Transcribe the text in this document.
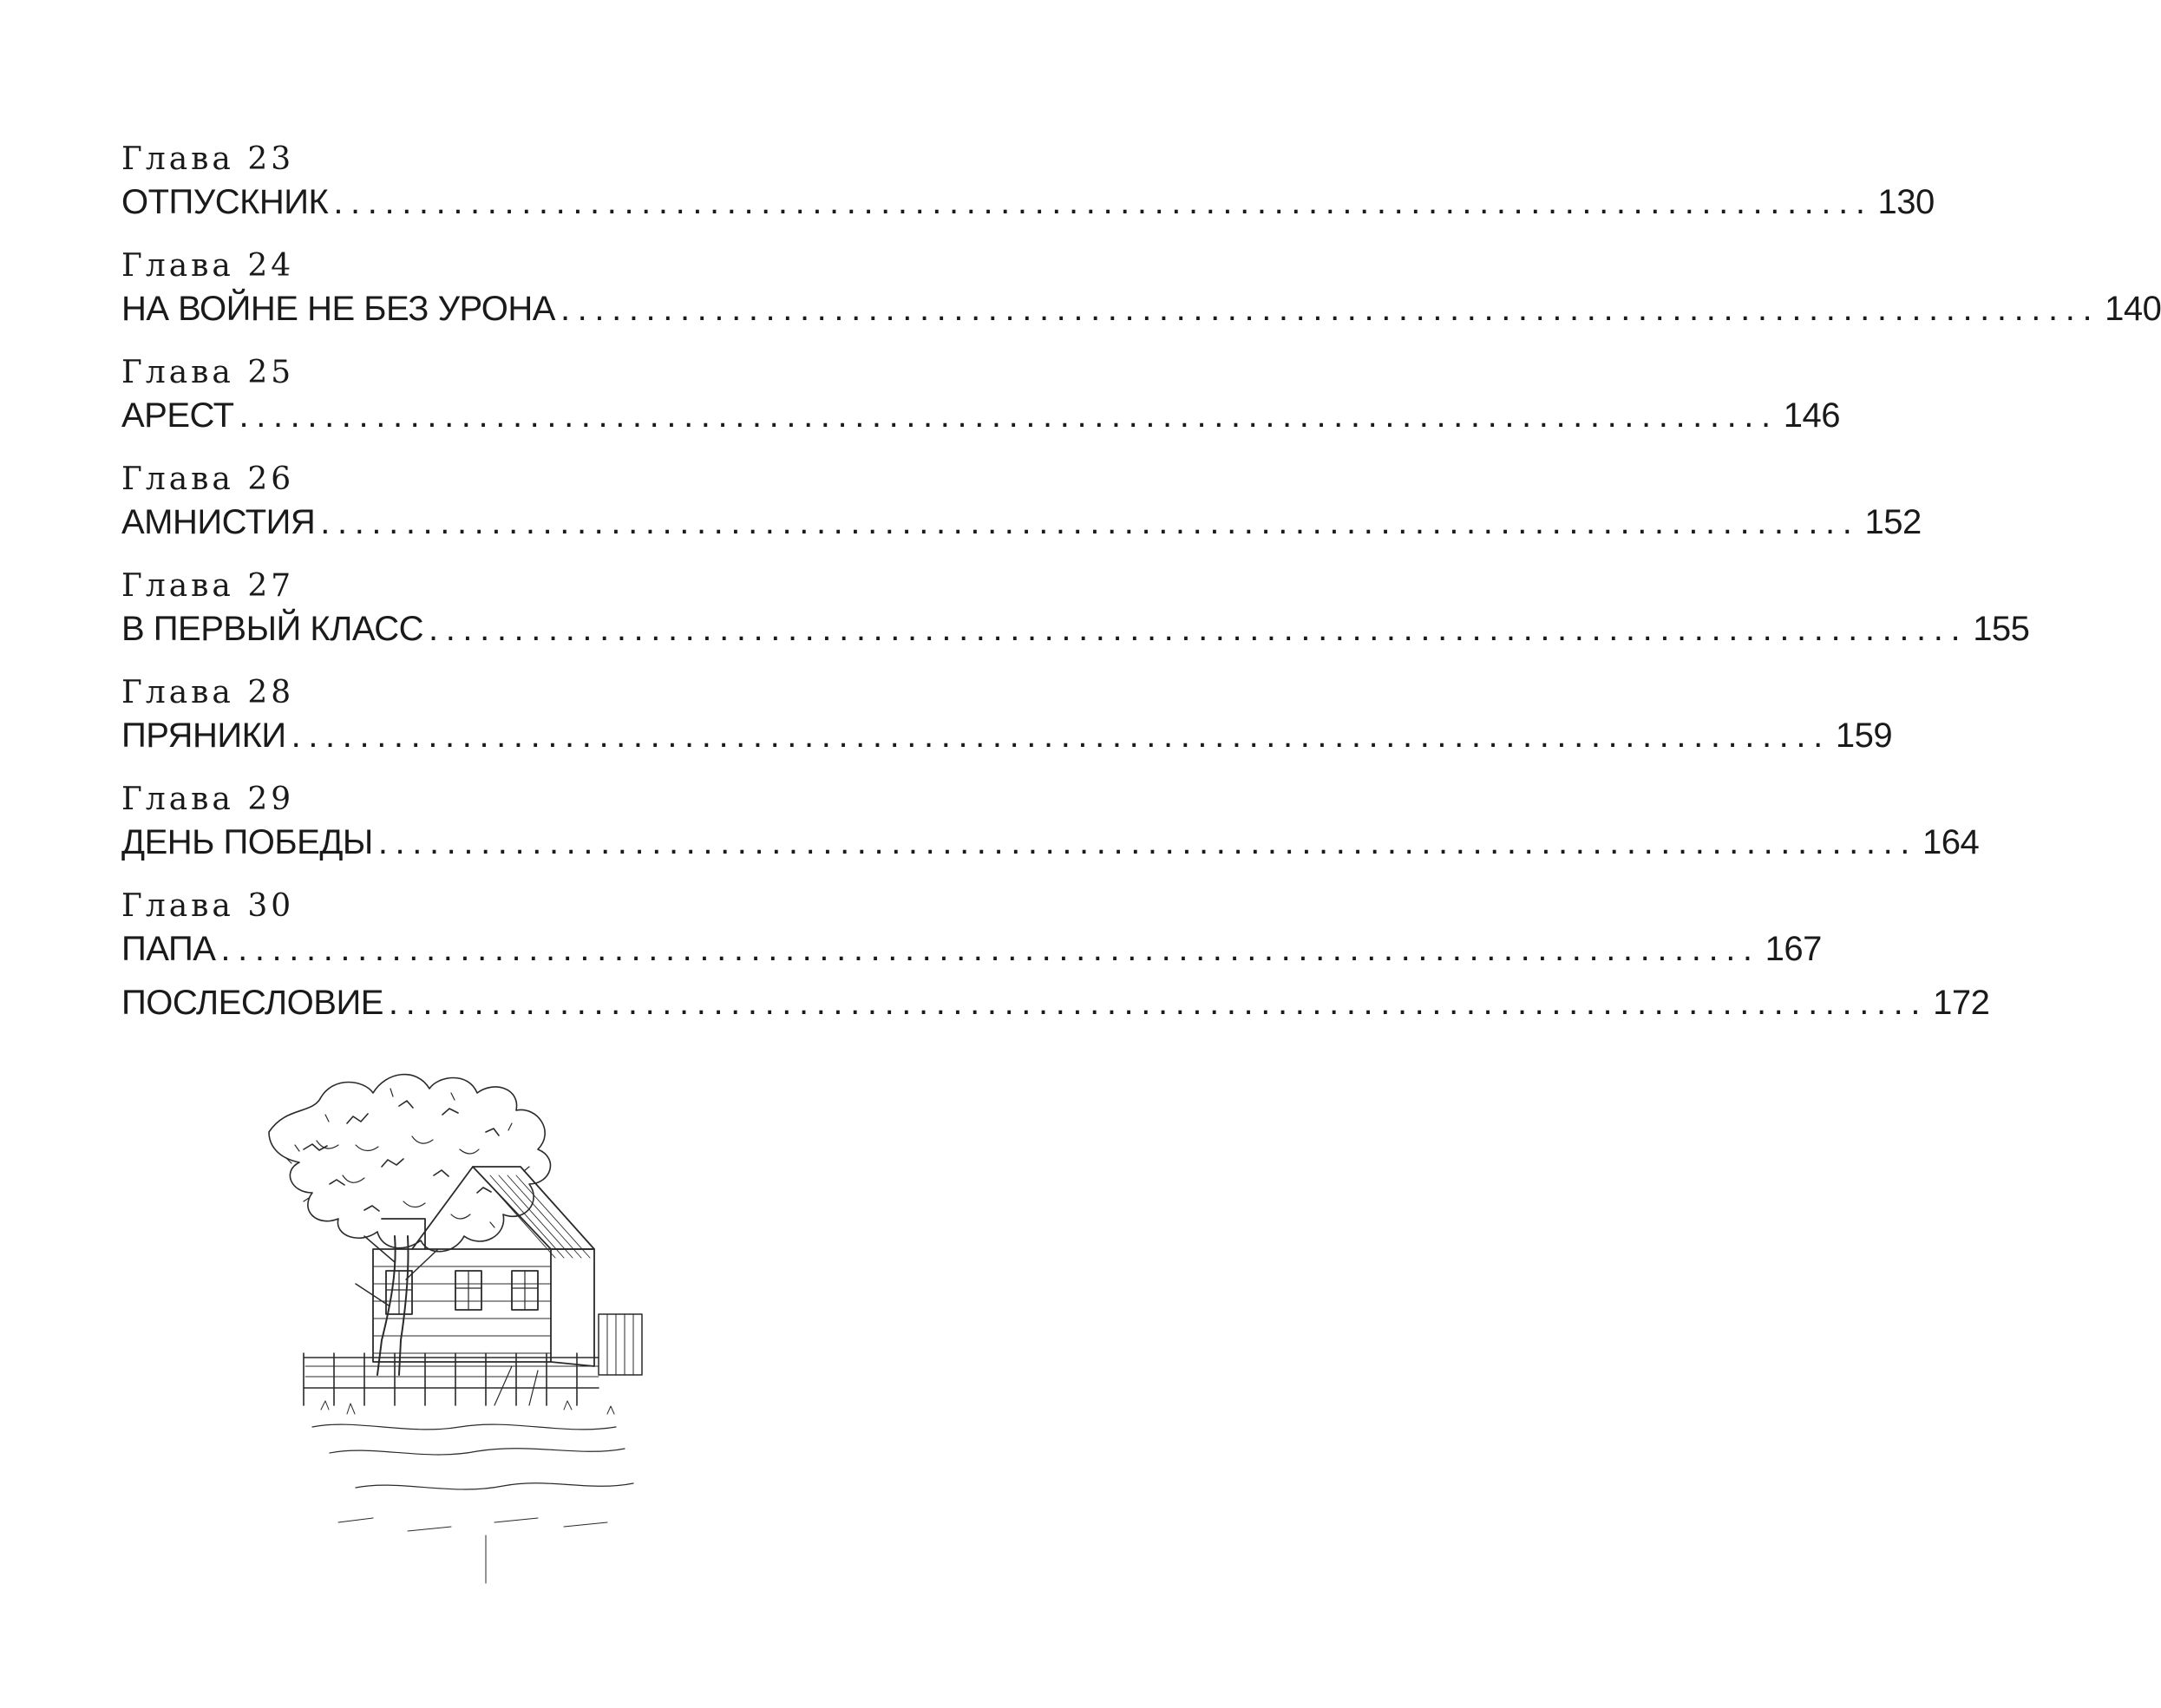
Глава 23
ОТПУСКНИК .......................................................................................... 130
Глава 24
НА ВОЙНЕ НЕ БЕЗ УРОНА .......................................................................................... 140
Глава 25
АРЕСТ .......................................................................................... 146
Глава 26
АМНИСТИЯ .......................................................................................... 152
Глава 27
В ПЕРВЫЙ КЛАСС .......................................................................................... 155
Глава 28
ПРЯНИКИ .......................................................................................... 159
Глава 29
ДЕНЬ ПОБЕДЫ .......................................................................................... 164
Глава 30
ПАПА .......................................................................................... 167
ПОСЛЕСЛОВИЕ .......................................................................................... 172
